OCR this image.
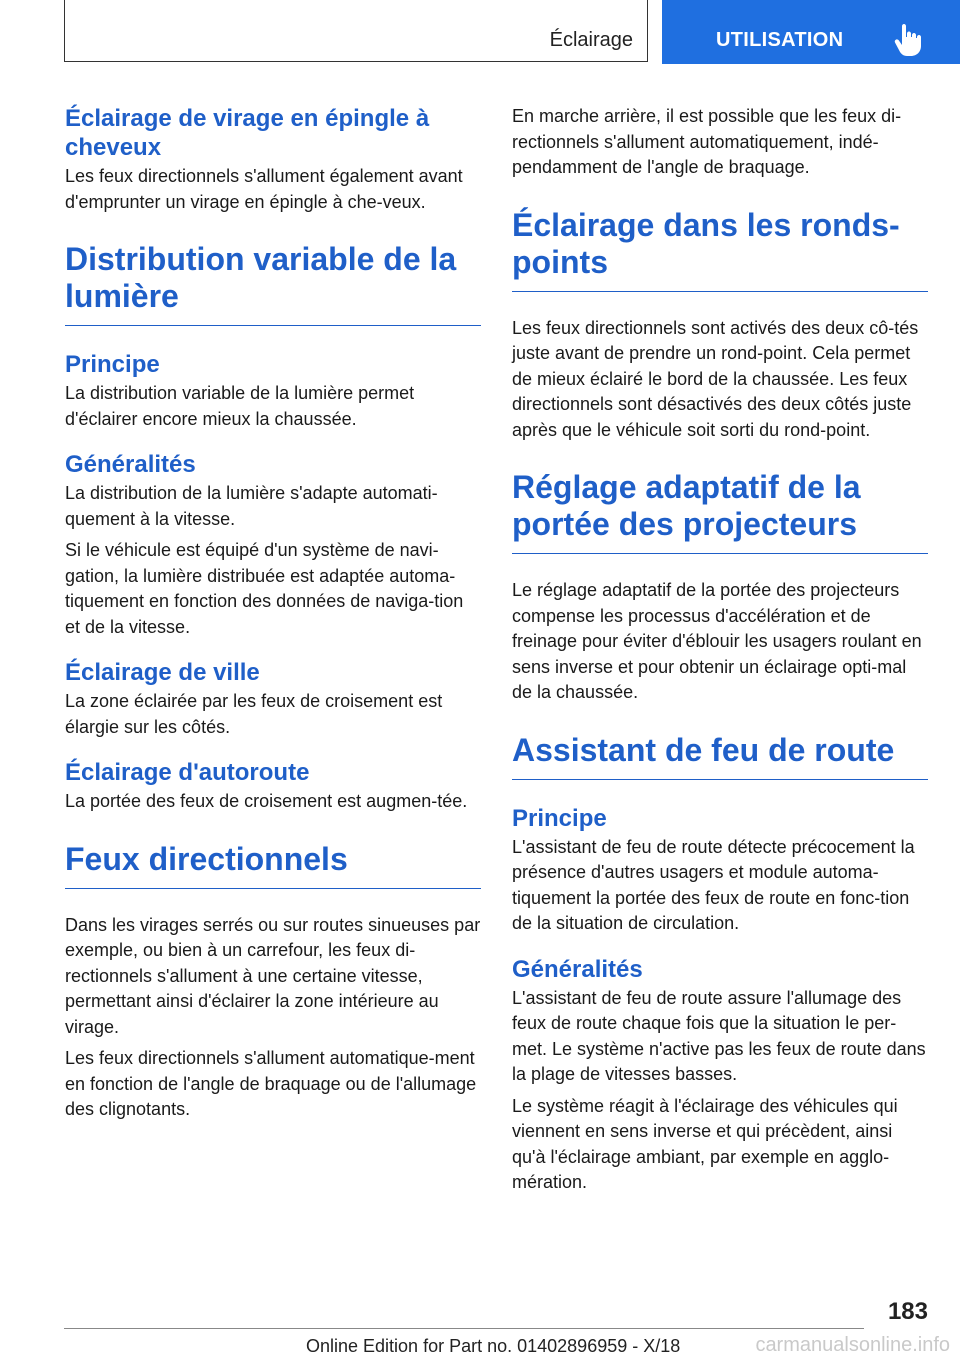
Éclairage	UTILISATION
Éclairage de virage en épingle à cheveux

Les feux directionnels s'allument également avant d'emprunter un virage en épingle à che-veux.

Distribution variable de la lumière
Principe

La distribution variable de la lumière permet d'éclairer encore mieux la chaussée.

Généralités

La distribution de la lumière s'adapte automati-quement à la vitesse.

Si le véhicule est équipé d'un système de navi-gation, la lumière distribuée est adaptée automa-tiquement en fonction des données de naviga-tion et de la vitesse.

Éclairage de ville

La zone éclairée par les feux de croisement est élargie sur les côtés.

Éclairage d'autoroute

La portée des feux de croisement est augmen-tée.

Feux directionnels

Dans les virages serrés ou sur routes sinueuses par exemple, ou bien à un carrefour, les feux di-rectionnels s'allument à une certaine vitesse, permettant ainsi d'éclairer la zone intérieure au virage.

Les feux directionnels s'allument automatique-ment en fonction de l'angle de braquage ou de l'allumage des clignotants.

En marche arrière, il est possible que les feux di-rectionnels s'allument automatiquement, indé-pendamment de l'angle de braquage.

Éclairage dans les ronds-points

Les feux directionnels sont activés des deux cô-tés juste avant de prendre un rond-point. Cela permet de mieux éclairé le bord de la chaussée. Les feux directionnels sont désactivés des deux côtés juste après que le véhicule soit sorti du rond-point.

Réglage adaptatif de la portée des projecteurs

Le réglage adaptatif de la portée des projecteurs compense les processus d'accélération et de freinage pour éviter d'éblouir les usagers roulant en sens inverse et pour obtenir un éclairage opti-mal de la chaussée.

Assistant de feu de route
Principe

L'assistant de feu de route détecte précocement la présence d'autres usagers et module automa-tiquement la portée des feux de route en fonc-tion de la situation de circulation.

Généralités

L'assistant de feu de route assure l'allumage des feux de route chaque fois que la situation le per-met. Le système n'active pas les feux de route dans la plage de vitesses basses.

Le système réagit à l'éclairage des véhicules qui viennent en sens inverse et qui précèdent, ainsi qu'à l'éclairage ambiant, par exemple en agglo-mération.

183
Online Edition for Part no. 01402896959 - X/18	carmanualsonline.info
